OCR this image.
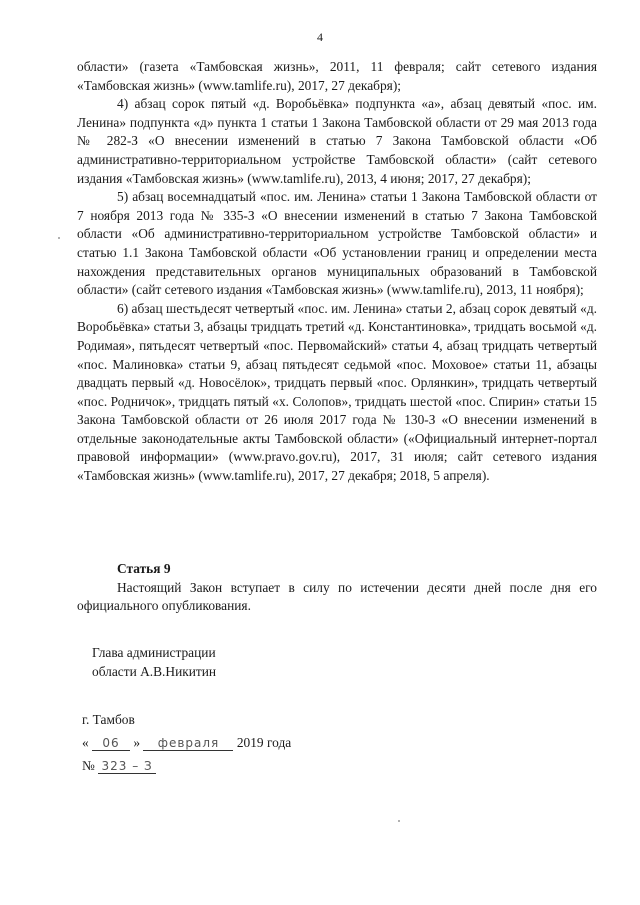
4

области» (газета «Тамбовская жизнь», 2011, 11 февраля; сайт сетевого издания «Тамбовская жизнь» (www.tamlife.ru), 2017, 27 декабря);

4) абзац сорок пятый «д. Воробьёвка» подпункта «а», абзац девятый «пос. им. Ленина» подпункта «д» пункта 1 статьи 1 Закона Тамбовской области от 29 мая 2013 года № 282-З «О внесении изменений в статью 7 Закона Тамбовской области «Об административно-территориальном устройстве Тамбовской области» (сайт сетевого издания «Тамбовская жизнь» (www.tamlife.ru), 2013, 4 июня; 2017, 27 декабря);

5) абзац восемнадцатый «пос. им. Ленина» статьи 1 Закона Тамбовской области от 7 ноября 2013 года № 335-З «О внесении изменений в статью 7 Закона Тамбовской области «Об административно-территориальном устройстве Тамбовской области» и статью 1.1 Закона Тамбовской области «Об установлении границ и определении места нахождения представительных органов муниципальных образований в Тамбовской области» (сайт сетевого издания «Тамбовская жизнь» (www.tamlife.ru), 2013, 11 ноября);

6) абзац шестьдесят четвертый «пос. им. Ленина» статьи 2, абзац сорок девятый «д. Воробьёвка» статьи 3, абзацы тридцать третий «д. Константиновка», тридцать восьмой «д. Родимая», пятьдесят четвертый «пос. Первомайский» статьи 4, абзац тридцать четвертый «пос. Малиновка» статьи 9, абзац пятьдесят седьмой «пос. Моховое» статьи 11, абзацы двадцать первый «д. Новосёлок», тридцать первый «пос. Орлянкин», тридцать четвертый «пос. Родничок», тридцать пятый «х. Солопов», тридцать шестой «пос. Спирин» статьи 15 Закона Тамбовской области от 26 июля 2017 года № 130-З «О внесении изменений в отдельные законодательные акты Тамбовской области» («Официальный интернет-портал правовой информации» (www.pravo.gov.ru), 2017, 31 июля; сайт сетевого издания «Тамбовская жизнь» (www.tamlife.ru), 2017, 27 декабря; 2018, 5 апреля).

Статья 9

Настоящий Закон вступает в силу по истечении десяти дней после дня его официального опубликования.

Глава администрации
области А.В.Никитин
г. Тамбов
« 06 » февраля 2019 года
№ 323 – З
